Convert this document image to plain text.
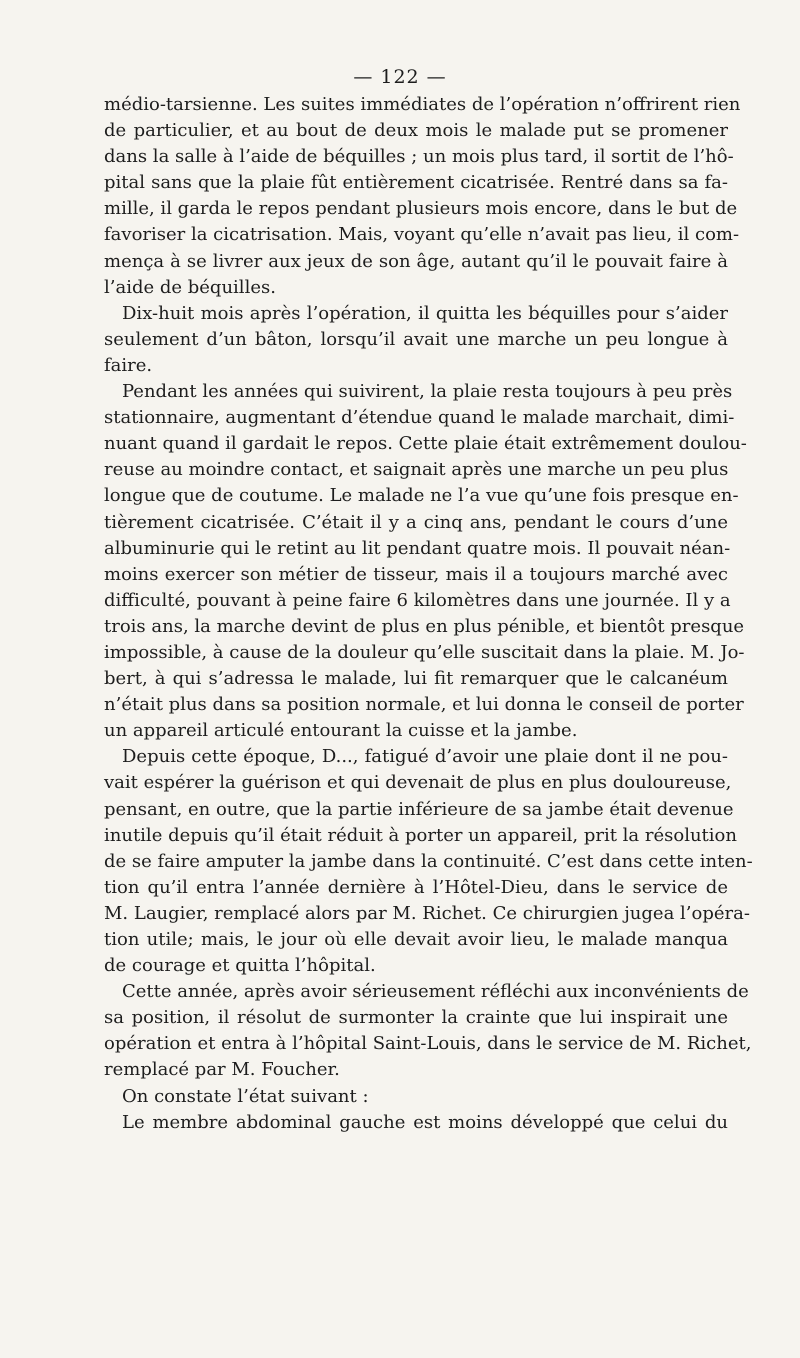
— 122 —
médio-tarsienne. Les suites immédiates de l’opération n’offrirent rien
de particulier, et au bout de deux mois le malade put se promener
dans la salle à l’aide de béquilles ; un mois plus tard, il sortit de l’hô-
pital sans que la plaie fût entièrement cicatrisée. Rentré dans sa fa-
mille, il garda le repos pendant plusieurs mois encore, dans le but de
favoriser la cicatrisation. Mais, voyant qu’elle n’avait pas lieu, il com-
mença à se livrer aux jeux de son âge, autant qu’il le pouvait faire à
l’aide de béquilles.
Dix-huit mois après l’opération, il quitta les béquilles pour s’aider
seulement d’un bâton, lorsqu’il avait une marche un peu longue à
faire.
Pendant les années qui suivirent, la plaie resta toujours à peu près
stationnaire, augmentant d’étendue quand le malade marchait, dimi-
nuant quand il gardait le repos. Cette plaie était extrêmement doulou-
reuse au moindre contact, et saignait après une marche un peu plus
longue que de coutume. Le malade ne l’a vue qu’une fois presque en-
tièrement cicatrisée. C’était il y a cinq ans, pendant le cours d’une
albuminurie qui le retint au lit pendant quatre mois. Il pouvait néan-
moins exercer son métier de tisseur, mais il a toujours marché avec
difficulté, pouvant à peine faire 6 kilomètres dans une journée. Il y a
trois ans, la marche devint de plus en plus pénible, et bientôt presque
impossible, à cause de la douleur qu’elle suscitait dans la plaie. M. Jo-
bert, à qui s’adressa le malade, lui fit remarquer que le calcanéum
n’était plus dans sa position normale, et lui donna le conseil de porter
un appareil articulé entourant la cuisse et la jambe.
Depuis cette époque, D..., fatigué d’avoir une plaie dont il ne pou-
vait espérer la guérison et qui devenait de plus en plus douloureuse,
pensant, en outre, que la partie inférieure de sa jambe était devenue
inutile depuis qu’il était réduit à porter un appareil, prit la résolution
de se faire amputer la jambe dans la continuité. C’est dans cette inten-
tion qu’il entra l’année dernière à l’Hôtel-Dieu, dans le service de
M. Laugier, remplacé alors par M. Richet. Ce chirurgien jugea l’opéra-
tion utile; mais, le jour où elle devait avoir lieu, le malade manqua
de courage et quitta l’hôpital.
Cette année, après avoir sérieusement réfléchi aux inconvénients de
sa position, il résolut de surmonter la crainte que lui inspirait une
opération et entra à l’hôpital Saint-Louis, dans le service de M. Richet,
remplacé par M. Foucher.
On constate l’état suivant :
Le membre abdominal gauche est moins développé que celui du
